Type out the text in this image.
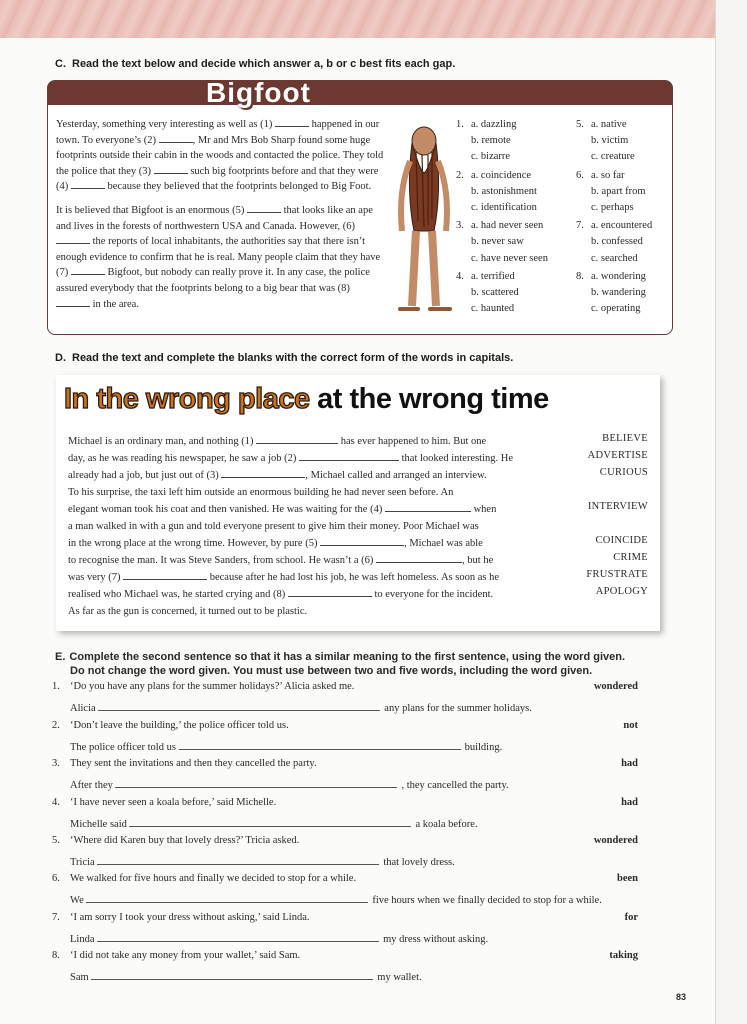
C. Read the text below and decide which answer a, b or c best fits each gap.
Bigfoot

Yesterday, something very interesting as well as (1)	happened in our town. To everyone’s (2)	, Mr and Mrs Bob Sharp found some huge footprints outside their cabin in the woods and contacted the police. They told the police that they (3)	such big footprints before and that they were (4)	because they believed that the footprints belonged to Big Foot.

It is believed that Bigfoot is an enormous (5)	that looks like an ape and lives in the forests of northwestern USA and Canada. However, (6)  the reports of local inhabitants, the authorities say that there isn’t enough evidence to confirm that he is real. Many people claim that they have (7)	Bigfoot, but nobody can really prove it. In any case, the police assured everybody that the footprints belong to a big bear that was (8)  in the area.

1. a. dazzling
b. remote
c. bizarre
2. a. coincidence
b. astonishment
c. identification
3. a. had never seen
b. never saw
c. have never seen
4. a. terrified
b. scattered
c. haunted
5. a. native
b. victim
c. creature
6. a. so far
b. apart from
c. perhaps
7. a. encountered
b. confessed
c. searched
8. a. wondering
b. wandering
c. operating
D. Read the text and complete the blanks with the correct form of the words in capitals.
In the wrong place at the wrong time
Michael is an ordinary man, and nothing (1)	has ever happened to him. But one
day, as he was reading his newspaper, he saw a job (2)	that looked interesting. He
already had a job, but just out of (3)	, Michael called and arranged an interview.
To his surprise, the taxi left him outside an enormous building he had never seen before. An
elegant woman took his coat and then vanished. He was waiting for the (4)	when
a man walked in with a gun and told everyone present to give him their money. Poor Michael was
in the wrong place at the wrong time. However, by pure (5)	, Michael was able
to recognise the man. It was Steve Sanders, from school. He wasn’t a (6)	, but he
was very (7)	because after he had lost his job, he was left homeless. As soon as he
realised who Michael was, he started crying and (8)	to everyone for the incident.
As far as the gun is concerned, it turned out to be plastic.
BELIEVE
ADVERTISE
CURIOUS
INTERVIEW
COINCIDE
CRIME
FRUSTRATE
APOLOGY
E. Complete the second sentence so that it has a similar meaning to the first sentence, using the word given.
Do not change the word given. You must use between two and five words, including the word given.
1. ‘Do you have any plans for the summer holidays?’ Alicia asked me.	wondered
Alicia	any plans for the summer holidays.
2. ‘Don’t leave the building,’ the police officer told us.	not
The police officer told us	building.
3. They sent the invitations and then they cancelled the party.	had
After they	, they cancelled the party.
4. ‘I have never seen a koala before,’ said Michelle.	had
Michelle said	a koala before.
5. ‘Where did Karen buy that lovely dress?’ Tricia asked.	wondered
Tricia	that lovely dress.
6. We walked for five hours and finally we decided to stop for a while.	been
We	five hours when we finally decided to stop for a while.
7. ‘I am sorry I took your dress without asking,’ said Linda.	for
Linda	my dress without asking.
8. ‘I did not take any money from your wallet,’ said Sam.	taking
Sam	my wallet.
83
